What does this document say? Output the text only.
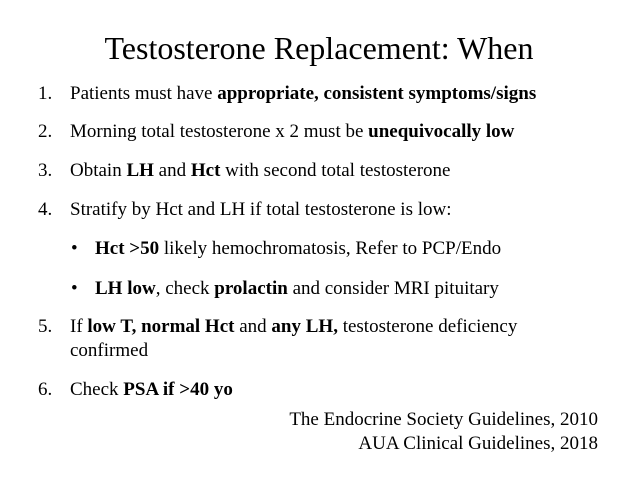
Testosterone Replacement: When
1. Patients must have appropriate, consistent symptoms/signs
2. Morning total testosterone x 2 must be unequivocally low
3. Obtain LH and Hct with second total testosterone
4. Stratify by Hct and LH if total testosterone is low:
• Hct >50 likely hemochromatosis, Refer to PCP/Endo
• LH low, check prolactin and consider MRI pituitary
5. If low T, normal Hct and any LH, testosterone deficiency
confirmed
6. Check PSA if >40 yo
The Endocrine Society Guidelines, 2010
AUA Clinical Guidelines, 2018
